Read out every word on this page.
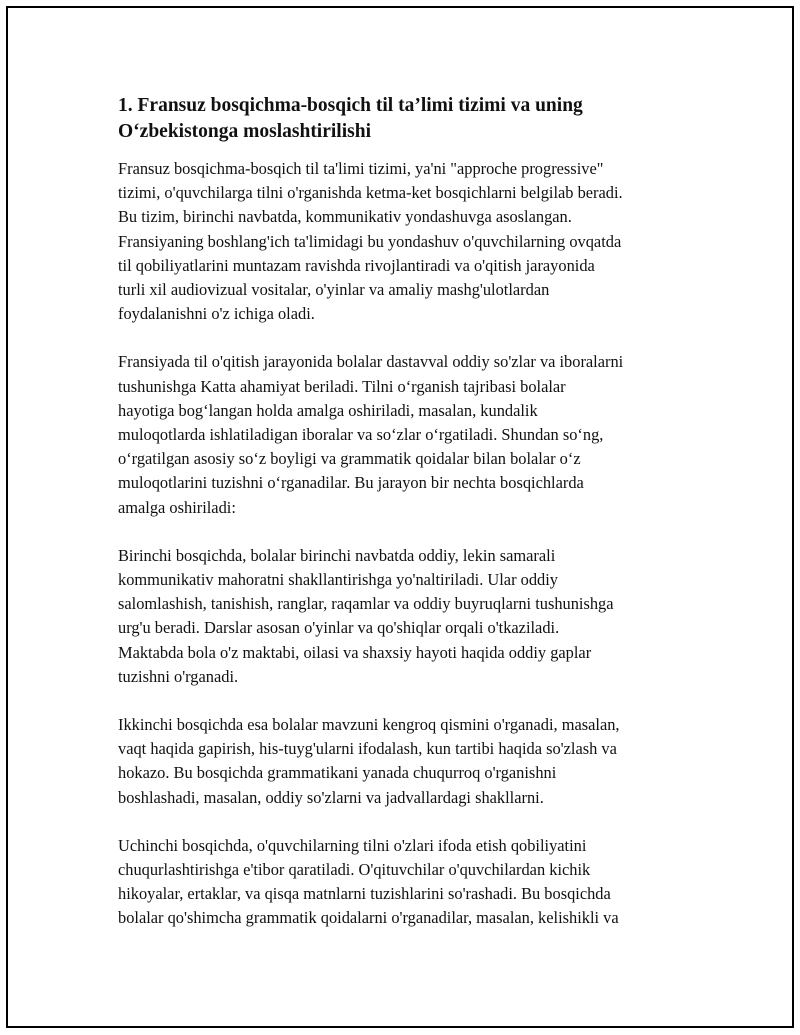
1. Fransuz bosqichma-bosqich til ta’limi tizimi va uning
O‘zbekistonga moslashtirilishi

Fransuz bosqichma-bosqich til ta'limi tizimi, ya'ni "approche progressive"
tizimi, o'quvchilarga tilni o'rganishda ketma-ket bosqichlarni belgilab beradi.
Bu tizim, birinchi navbatda, kommunikativ yondashuvga asoslangan.
Fransiyaning boshlang'ich ta'limidagi bu yondashuv o'quvchilarning ovqatda
til qobiliyatlarini muntazam ravishda rivojlantiradi va o'qitish jarayonida
turli xil audiovizual vositalar, o'yinlar va amaliy mashg'ulotlardan
foydalanishni o'z ichiga oladi.

Fransiyada til o'qitish jarayonida bolalar dastavval oddiy so'zlar va iboralarni
tushunishga Katta ahamiyat beriladi. Tilni o‘rganish tajribasi bolalar
hayotiga bog‘langan holda amalga oshiriladi, masalan, kundalik
muloqotlarda ishlatiladigan iboralar va so‘zlar o‘rgatiladi. Shundan so‘ng,
o‘rgatilgan asosiy so‘z boyligi va grammatik qoidalar bilan bolalar o‘z
muloqotlarini tuzishni o‘rganadilar. Bu jarayon bir nechta bosqichlarda
amalga oshiriladi:

Birinchi bosqichda, bolalar birinchi navbatda oddiy, lekin samarali
kommunikativ mahoratni shakllantirishga yo'naltiriladi. Ular oddiy
salomlashish, tanishish, ranglar, raqamlar va oddiy buyruqlarni tushunishga
urg'u beradi. Darslar asosan o'yinlar va qo'shiqlar orqali o'tkaziladi.
Maktabda bola o'z maktabi, oilasi va shaxsiy hayoti haqida oddiy gaplar
tuzishni o'rganadi.

Ikkinchi bosqichda esa bolalar mavzuni kengroq qismini o'rganadi, masalan,
vaqt haqida gapirish, his-tuyg'ularni ifodalash, kun tartibi haqida so'zlash va
hokazo. Bu bosqichda grammatikani yanada chuqurroq o'rganishni
boshlashadi, masalan, oddiy so'zlarni va jadvallardagi shakllarni.

Uchinchi bosqichda, o'quvchilarning tilni o'zlari ifoda etish qobiliyatini
chuqurlashtirishga e'tibor qaratiladi. O'qituvchilar o'quvchilardan kichik
hikoyalar, ertaklar, va qisqa matnlarni tuzishlarini so'rashadi. Bu bosqichda
bolalar qo'shimcha grammatik qoidalarni o'rganadilar, masalan, kelishikli va
